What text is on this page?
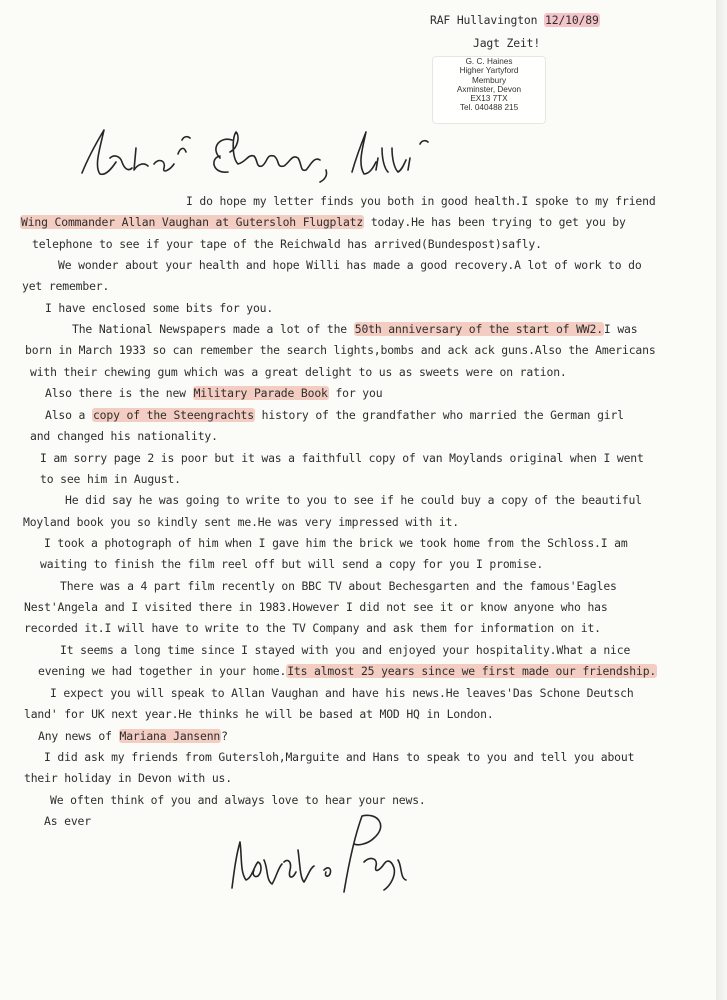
RAF Hullavington 12/10/89
Jagt Zeit!
G. C. Haines
Higher Yartyford
Membury
Axminster, Devon
EX13 7TX
Tel. 040488 215
I do hope my letter finds you both in good health.I spoke to my friend
Wing Commander Allan Vaughan at Gutersloh Flugplatz today.He has been trying to get you by
telephone to see if your tape of the Reichwald has arrived(Bundespost)safly.
We wonder about your health and hope Willi has made a good recovery.A lot of work to do
yet remember.
I have enclosed some bits for you.
The National Newspapers made a lot of the 50th anniversary of the start of WW2.I was
born in March 1933 so can remember the search lights,bombs and ack ack guns.Also the Americans
with their chewing gum which was a great delight to us as sweets were on ration.
Also there is the new Military Parade Book for you
Also a copy of the Steengrachts history of the grandfather who married the German girl
and changed his nationality.
I am sorry page 2 is poor but it was a faithfull copy of van Moylands original when I went
to see him in August.
He did say he was going to write to you to see if he could buy a copy of the beautiful
Moyland book you so kindly sent me.He was very impressed with it.
I took a photograph of him when I gave him the brick we took home from the Schloss.I am
waiting to finish the film reel off but will send a copy for you I promise.
There was a 4 part film recently on BBC TV about Bechesgarten and the famous'Eagles
Nest'Angela and I visited there in 1983.However I did not see it or know anyone who has
recorded it.I will have to write to the TV Company and ask them for information on it.
It seems a long time since I stayed with you and enjoyed your hospitality.What a nice
evening we had together in your home.Its almost 25 years since we first made our friendship.
I expect you will speak to Allan Vaughan and have his news.He leaves'Das Schone Deutsch
land' for UK next year.He thinks he will be based at MOD HQ in London.
Any news of Mariana Jansenn?
I did ask my friends from Gutersloh,Marguite and Hans to speak to you and tell you about
their holiday in Devon with us.
We often think of you and always love to hear your news.
As ever
